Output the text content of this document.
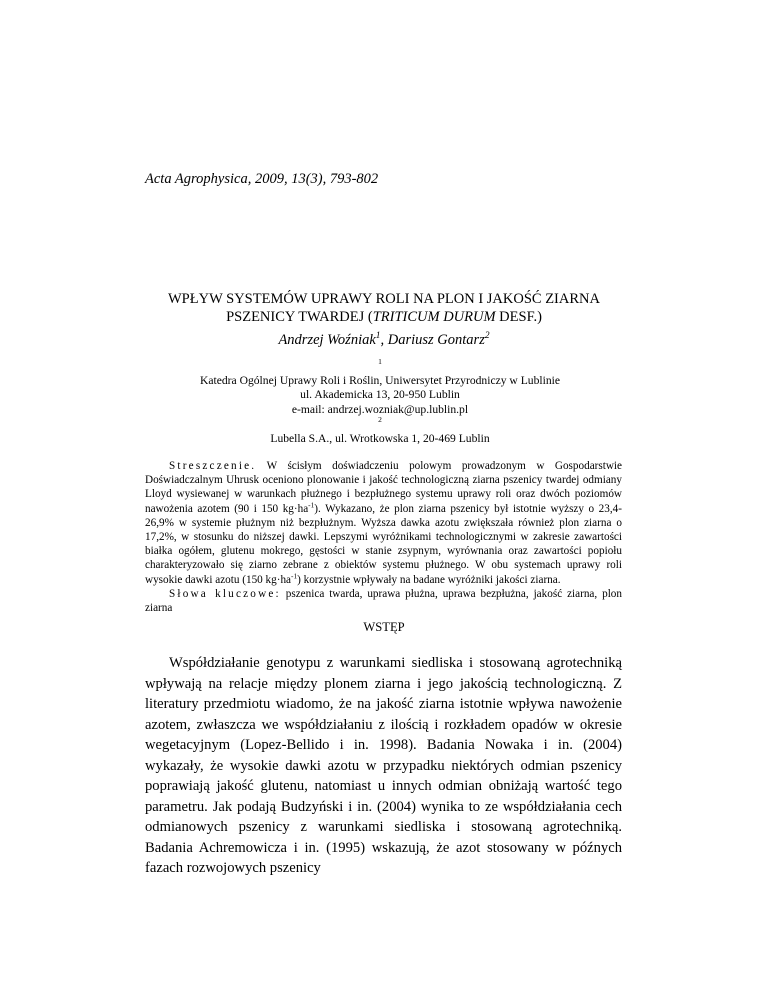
Acta Agrophysica, 2009, 13(3), 793-802
WPŁYW SYSTEMÓW UPRAWY ROLI NA PLON I JAKOŚĆ ZIARNA
PSZENICY TWARDEJ (TRITICUM DURUM DESF.)
Andrzej Woźniak$^1$, Dariusz Gontarz$^2$
$^1$
Katedra Ogólnej Uprawy Roli i Roślin, Uniwersytet Przyrodniczy w Lublinie
ul. Akademicka 13, 20-950 Lublin
e-mail: andrzej.wozniak@up.lublin.pl
$^2$
Lubella S.A., ul. Wrotkowska 1, 20-469 Lublin

Streszczenie. W ścisłym doświadczeniu polowym prowadzonym w Gospodarstwie Doświadczalnym Uhrusk oceniono plonowanie i jakość technologiczną ziarna pszenicy twardej odmiany Lloyd wysiewanej w warunkach płużnego i bezpłużnego systemu uprawy roli oraz dwóch poziomów nawożenia azotem (90 i 150 $kg\cdot ha^{-1}$). Wykazano, że plon ziarna pszenicy był istotnie wyższy o 23,4-26,9% w systemie płużnym niż bezpłużnym. Wyższa dawka azotu zwiększała również plon ziarna o 17,2%, w stosunku do niższej dawki. Lepszymi wyróżnikami technologicznymi w zakresie zawartości białka ogółem, glutenu mokrego, gęstości w stanie zsypnym, wyrównania oraz zawartości popiołu charakteryzowało się ziarno zebrane z obiektów systemu płużnego. W obu systemach uprawy roli wysokie dawki azotu (150 $kg\cdot ha^{-1}$) korzystnie wpływały na badane wyróżniki jakości ziarna.

Słowa kluczowe: pszenica twarda, uprawa płużna, uprawa bezpłużna, jakość ziarna, plon ziarna

WSTĘP

Współdziałanie genotypu z warunkami siedliska i stosowaną agrotechniką wpływają na relacje między plonem ziarna i jego jakością technologiczną. Z literatury przedmiotu wiadomo, że na jakość ziarna istotnie wpływa nawożenie azotem, zwłaszcza we współdziałaniu z ilością i rozkładem opadów w okresie wegetacyjnym (Lopez-Bellido i in. 1998). Badania Nowaka i in. (2004) wykazały, że wysokie dawki azotu w przypadku niektórych odmian pszenicy poprawiają jakość glutenu, natomiast u innych odmian obniżają wartość tego parametru. Jak podają Budzyński i in. (2004) wynika to ze współdziałania cech odmianowych pszenicy z warunkami siedliska i stosowaną agrotechniką. Badania Achremowicza i in. (1995) wskazują, że azot stosowany w późnych fazach rozwojowych pszenicy
